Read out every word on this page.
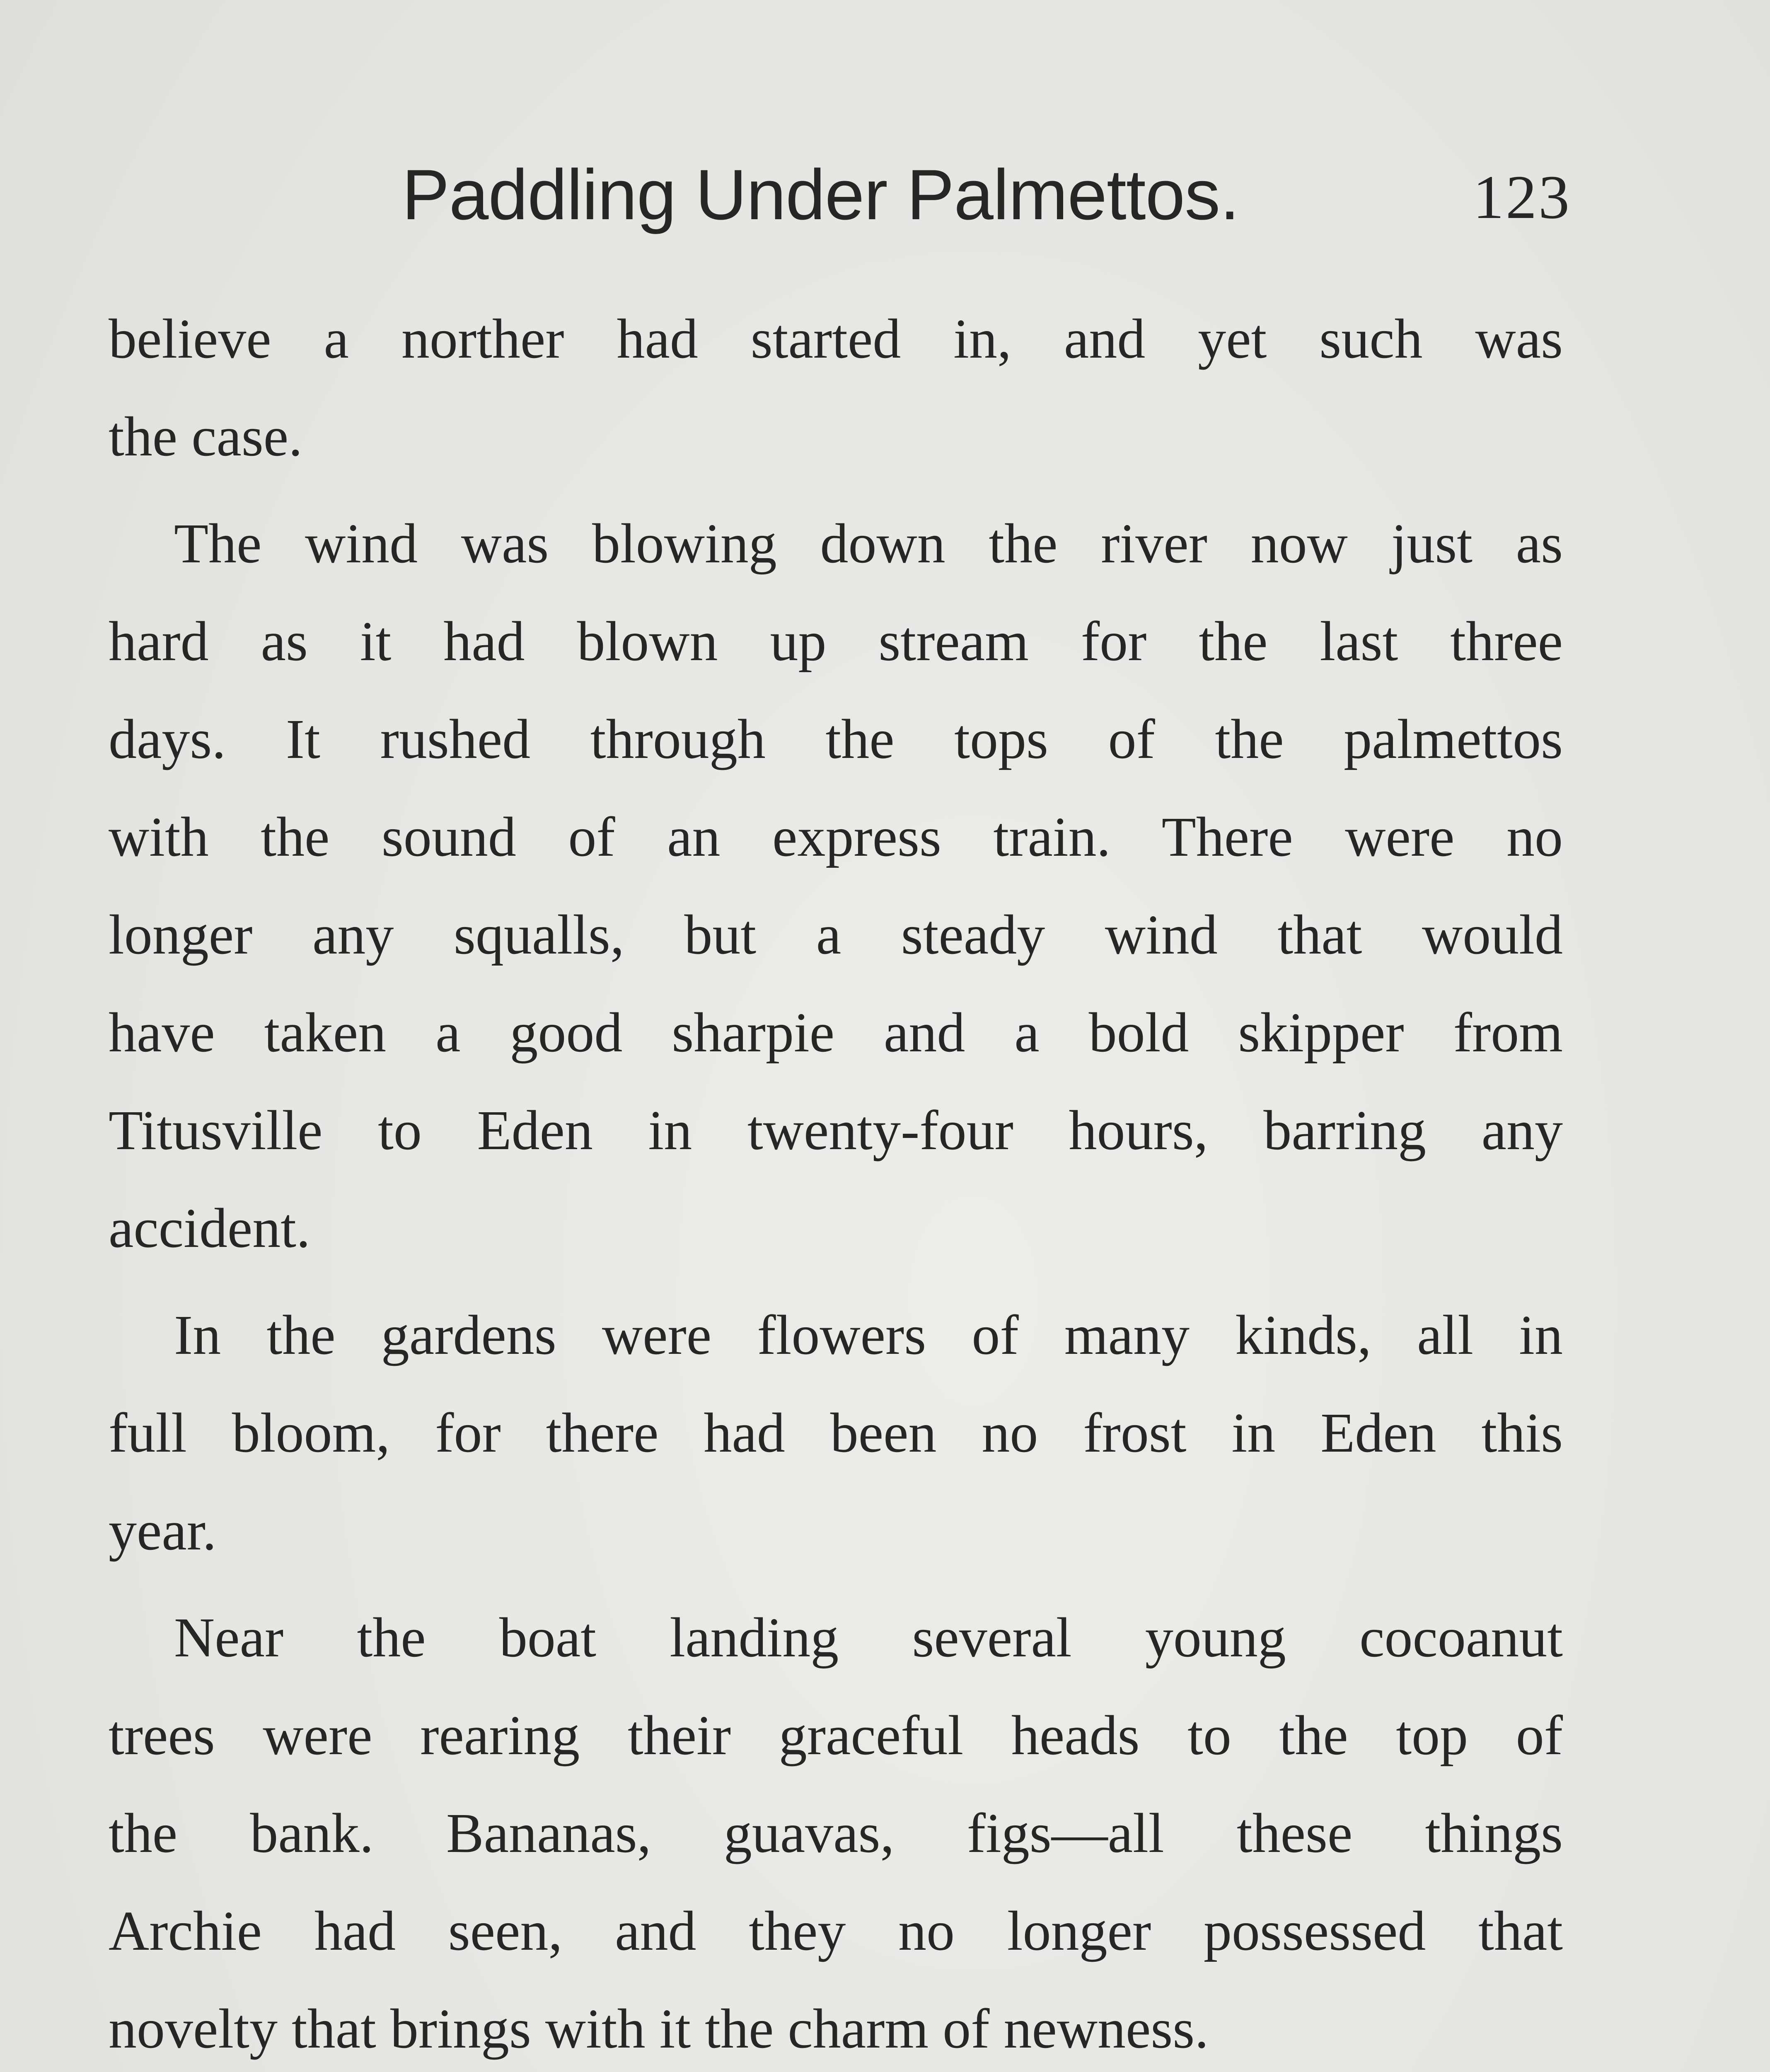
Paddling Under Palmettos.	123

believe a norther had started in, and yet such was
the case.

The wind was blowing down the river now just as
hard as it had blown up stream for the last three
days. It rushed through the tops of the palmettos
with the sound of an express train. There were no
longer any squalls, but a steady wind that would
have taken a good sharpie and a bold skipper from
Titusville to Eden in twenty-four hours, barring any
accident.

In the gardens were flowers of many kinds, all in
full bloom, for there had been no frost in Eden this
year.

Near the boat landing several young cocoanut
trees were rearing their graceful heads to the top of
the bank. Bananas, guavas, figs—all these things
Archie had seen, and they no longer possessed that
novelty that brings with it the charm of newness.
